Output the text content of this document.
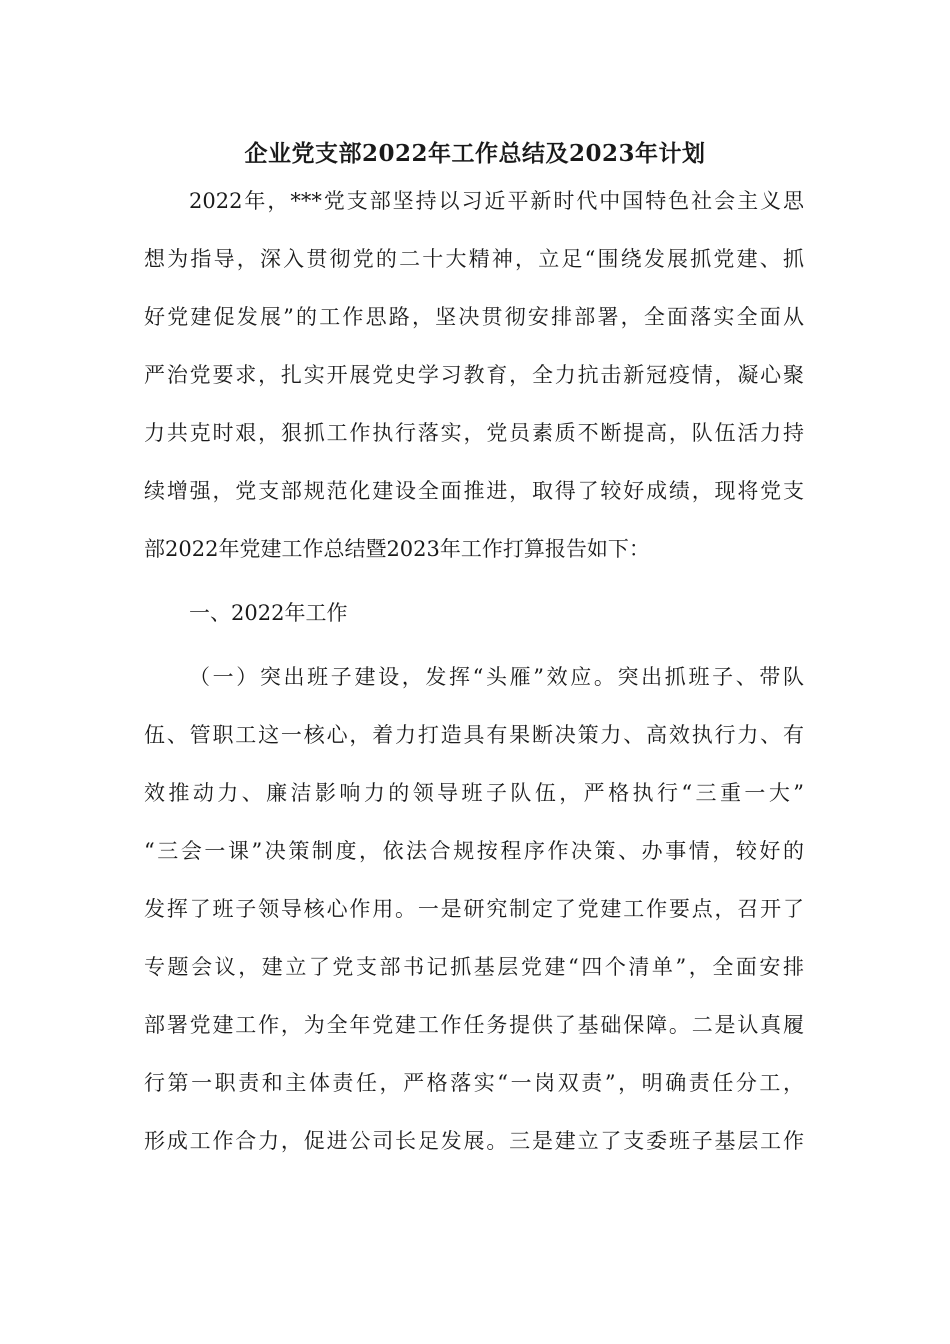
企业党支部2022年工作总结及2023年计划
2022年，***党支部坚持以习近平新时代中国特色社会主义思
想为指导，深入贯彻党的二十大精神，立足“围绕发展抓党建、抓
好党建促发展”的工作思路，坚决贯彻安排部署，全面落实全面从
严治党要求，扎实开展党史学习教育，全力抗击新冠疫情，凝心聚
力共克时艰，狠抓工作执行落实，党员素质不断提高，队伍活力持
续增强，党支部规范化建设全面推进，取得了较好成绩，现将党支
部2022年党建工作总结暨2023年工作打算报告如下：
一、2022年工作
（一）突出班子建设，发挥“头雁”效应。突出抓班子、带队
伍、管职工这一核心，着力打造具有果断决策力、高效执行力、有
效推动力、廉洁影响力的领导班子队伍，严格执行“三重一大”
“三会一课”决策制度，依法合规按程序作决策、办事情，较好的
发挥了班子领导核心作用。一是研究制定了党建工作要点，召开了
专题会议，建立了党支部书记抓基层党建“四个清单”，全面安排
部署党建工作，为全年党建工作任务提供了基础保障。二是认真履
行第一职责和主体责任，严格落实“一岗双责”，明确责任分工，
形成工作合力，促进公司长足发展。三是建立了支委班子基层工作
